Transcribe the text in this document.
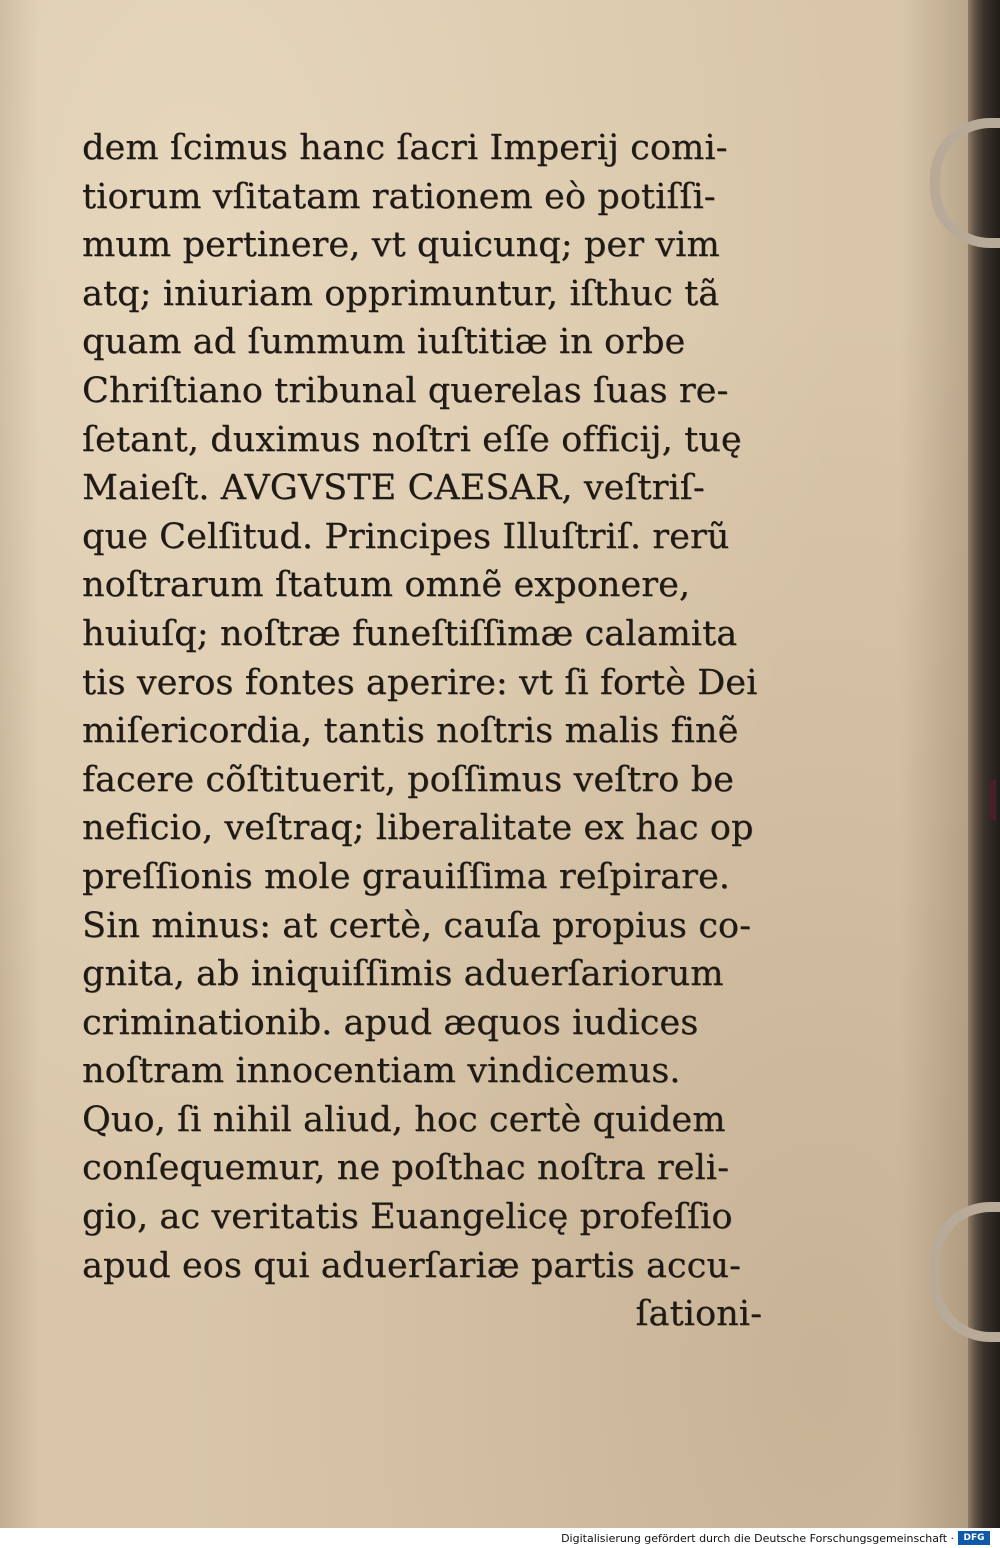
dem ſcimus hanc ſacri Imperij comi-
tiorum vſitatam rationem eò potiſſi-
mum pertinere, vt quicunq; per vim
atq; iniuriam opprimuntur, iſthuc tã
quam ad ſummum iuſtitiæ in orbe
Chriſtiano tribunal querelas ſuas re-
ſetant, duximus noſtri eſſe officij, tuę
Maieſt. AVGVSTE CAESAR, veſtriſ-
que Celſitud. Principes Illuſtriſ. rerũ
noſtrarum ſtatum omnẽ exponere,
huiuſq; noſtræ funeſtiſſimæ calamita
tis veros fontes aperire: vt ſi fortè Dei
miſericordia, tantis noſtris malis finẽ
facere cõſtituerit, poſſimus veſtro be
neficio, veſtraq; liberalitate ex hac op
preſſionis mole grauiſſima reſpirare.
Sin minus: at certè, cauſa propius co-
gnita, ab iniquiſſimis aduerſariorum
criminationib. apud æquos iudices
noſtram innocentiam vindicemus.
Quo, ſi nihil aliud, hoc certè quidem
conſequemur, ne poſthac noſtra reli-
gio, ac veritatis Euangelicę profeſſio
apud eos qui aduerſariæ partis accu-
ſationi-
Digitalisierung gefördert durch die Deutsche Forschungsgemeinschaft ·	DFG
